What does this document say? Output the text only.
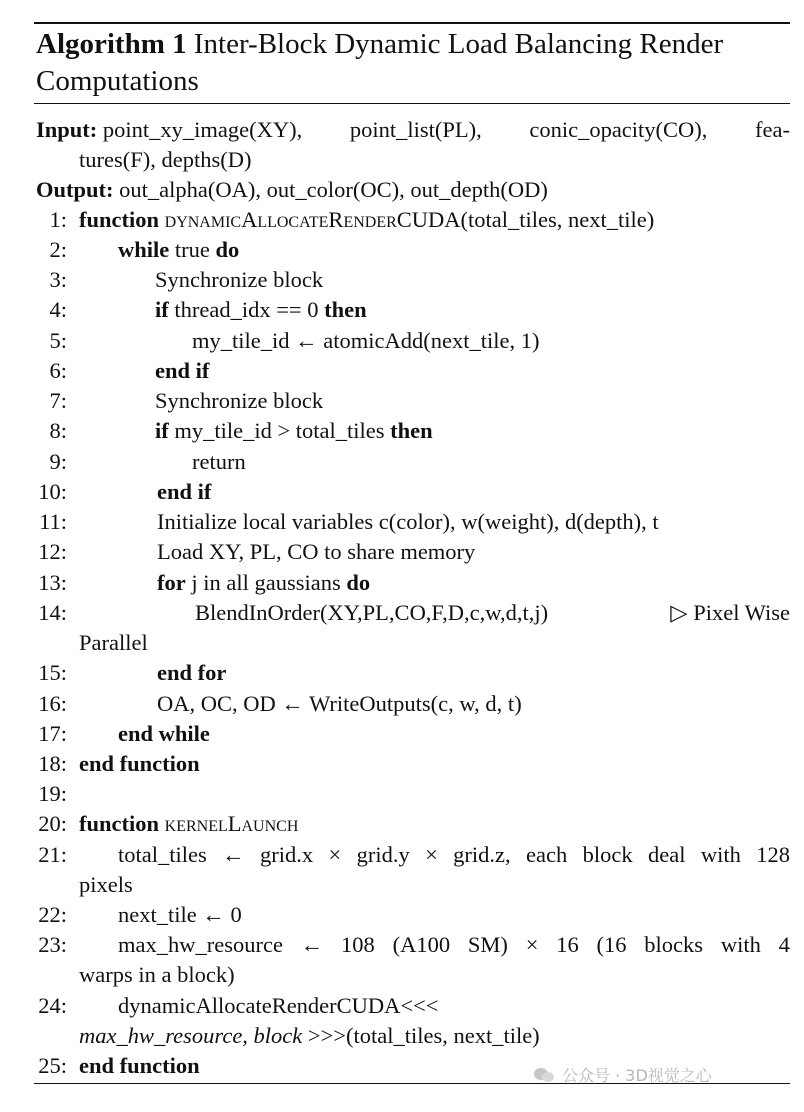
Algorithm 1 Inter-Block Dynamic Load Balancing Render
Computations
Input: point_xy_image(XY), point_list(PL), conic_opacity(CO), fea-
tures(F), depths(D)
Output: out_alpha(OA), out_color(OC), out_depth(OD)
1: function dynamicAllocateRenderCUDA(total_tiles, next_tile)
2: while true do
3:	Synchronize block
4:	if thread_idx == 0 then
5:	my_tile_id ← atomicAdd(next_tile, 1)
6:	end if
7:	Synchronize block
8:	if my_tile_id > total_tiles then
9:	return
10:	end if
11:	Initialize local variables c(color), w(weight), d(depth), t
12:	Load XY, PL, CO to share memory
13:	for j in all gaussians do
14:	BlendInOrder(XY,PL,CO,F,D,c,w,d,t,j)	▷ Pixel Wise
Parallel
15:	end for
16:	OA, OC, OD ← WriteOutputs(c, w, d, t)
17: end while
18: end function
19:
20: function kernelLaunch
21: total_tiles ← grid.x × grid.y × grid.z, each block deal with 128
pixels
22: next_tile ← 0
23: max_hw_resource ← 108 (A100 SM) × 16 (16 blocks with 4
warps in a block)
24: dynamicAllocateRenderCUDA<<<
max_hw_resource, block >>>(total_tiles, next_tile)
25: end function	公众号 · 3D视觉之心
